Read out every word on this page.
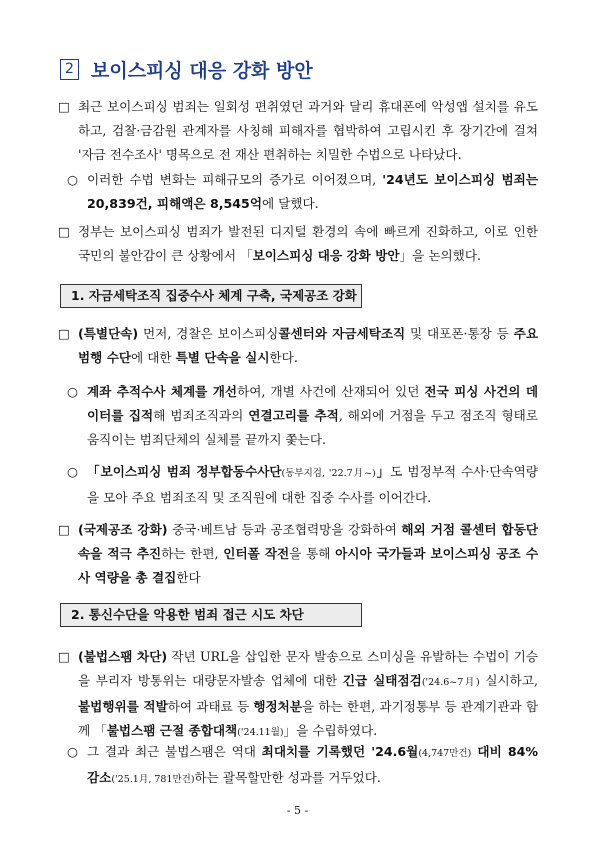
2 보이스피싱 대응 강화 방안
□ 최근 보이스피싱 범죄는 일회성 편취였던 과거와 달리 휴대폰에 악성앱 설치를 유도하고, 검찰·금감원 관계자를 사칭해 피해자를 협박하여 고립시킨 후 장기간에 걸쳐 '자금 전수조사' 명목으로 전 재산 편취하는 치밀한 수법으로 나타났다.
○ 이러한 수법 변화는 피해규모의 증가로 이어졌으며, '24년도 보이스피싱 범죄는 20,839건, 피해액은 8,545억에 달했다.
□ 정부는 보이스피싱 범죄가 발전된 디지털 환경의 속에 빠르게 진화하고, 이로 인한 국민의 불안감이 큰 상황에서 「보이스피싱 대응 강화 방안」을 논의했다.
1. 자금세탁조직 집중수사 체계 구축, 국제공조 강화
□ (특별단속) 먼저, 경찰은 보이스피싱콜센터와 자금세탁조직 및 대포폰·통장 등 주요 범행 수단에 대한 특별 단속을 실시한다.
○ 계좌 추적수사 체계를 개선하여, 개별 사건에 산재되어 있던 전국 피싱 사건의 데이터를 집적해 범죄조직과의 연결고리를 추적, 해외에 거점을 두고 점조직 형태로 움직이는 범죄단체의 실체를 끝까지 쫓는다.
○ 「보이스피싱 범죄 정부합동수사단(동부지검, '22.7月~)」도 범정부적 수사·단속역량을 모아 주요 범죄조직 및 조직원에 대한 집중 수사를 이어간다.
□ (국제공조 강화) 중국·베트남 등과 공조협력망을 강화하여 해외 거점 콜센터 합동단속을 적극 추진하는 한편, 인터폴 작전을 통해 아시아 국가들과 보이스피싱 공조 수사 역량을 총 결집한다
2. 통신수단을 악용한 범죄 접근 시도 차단
□ (불법스팸 차단) 작년 URL을 삽입한 문자 발송으로 스미싱을 유발하는 수법이 기승을 부리자 방통위는 대량문자발송 업체에 대한 긴급 실태점검('24.6~7月) 실시하고, 불법행위를 적발하여 과태료 등 행정처분을 하는 한편, 과기정통부 등 관계기관과 함께 「불법스팸 근절 종합대책('24.11월)」을 수립하였다.
○ 그 결과 최근 불법스팸은 역대 최대치를 기록했던 '24.6월(4,747만건) 대비 84% 감소('25.1月, 781만건)하는 괄목할만한 성과를 거두었다.
- 5 -
